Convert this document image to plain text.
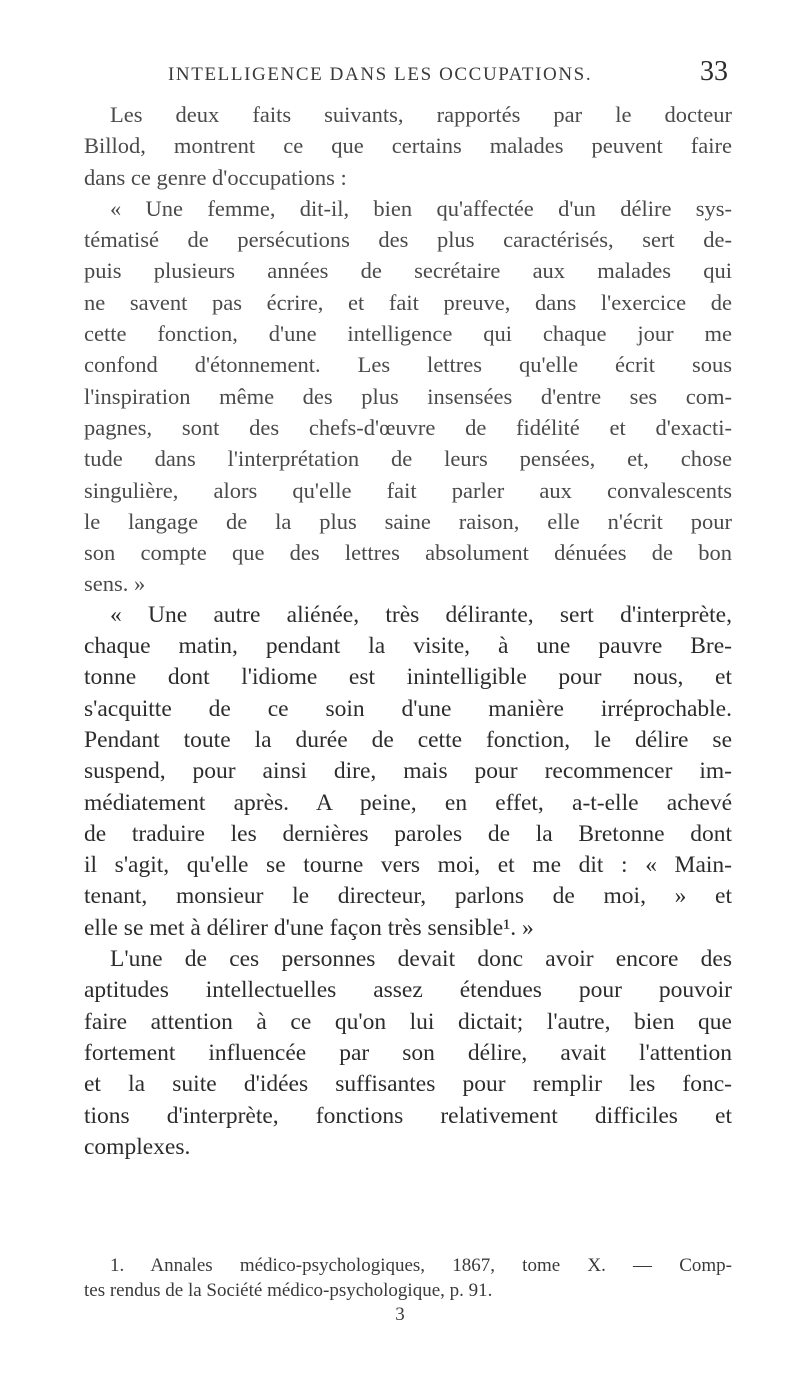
INTELLIGENCE DANS LES OCCUPATIONS.	33
Les deux faits suivants, rapportés par le docteur
Billod, montrent ce que certains malades peuvent faire
dans ce genre d'occupations :
« Une femme, dit-il, bien qu'affectée d'un délire sys-
tématisé de persécutions des plus caractérisés, sert de-
puis plusieurs années de secrétaire aux malades qui
ne savent pas écrire, et fait preuve, dans l'exercice de
cette fonction, d'une intelligence qui chaque jour me
confond d'étonnement. Les lettres qu'elle écrit sous
l'inspiration même des plus insensées d'entre ses com-
pagnes, sont des chefs-d'œuvre de fidélité et d'exacti-
tude dans l'interprétation de leurs pensées, et, chose
singulière, alors qu'elle fait parler aux convalescents
le langage de la plus saine raison, elle n'écrit pour
son compte que des lettres absolument dénuées de bon
sens. »
« Une autre aliénée, très délirante, sert d'interprète,
chaque matin, pendant la visite, à une pauvre Bre-
tonne dont l'idiome est inintelligible pour nous, et
s'acquitte de ce soin d'une manière irréprochable.
Pendant toute la durée de cette fonction, le délire se
suspend, pour ainsi dire, mais pour recommencer im-
médiatement après. A peine, en effet, a-t-elle achevé
de traduire les dernières paroles de la Bretonne dont
il s'agit, qu'elle se tourne vers moi, et me dit : « Main-
tenant, monsieur le directeur, parlons de moi, » et
elle se met à délirer d'une façon très sensible¹. »
L'une de ces personnes devait donc avoir encore des
aptitudes intellectuelles assez étendues pour pouvoir
faire attention à ce qu'on lui dictait; l'autre, bien que
fortement influencée par son délire, avait l'attention
et la suite d'idées suffisantes pour remplir les fonc-
tions d'interprète, fonctions relativement difficiles et
complexes.
1. Annales médico-psychologiques, 1867, tome X. — Comp-
tes rendus de la Société médico-psychologique, p. 91.
3
